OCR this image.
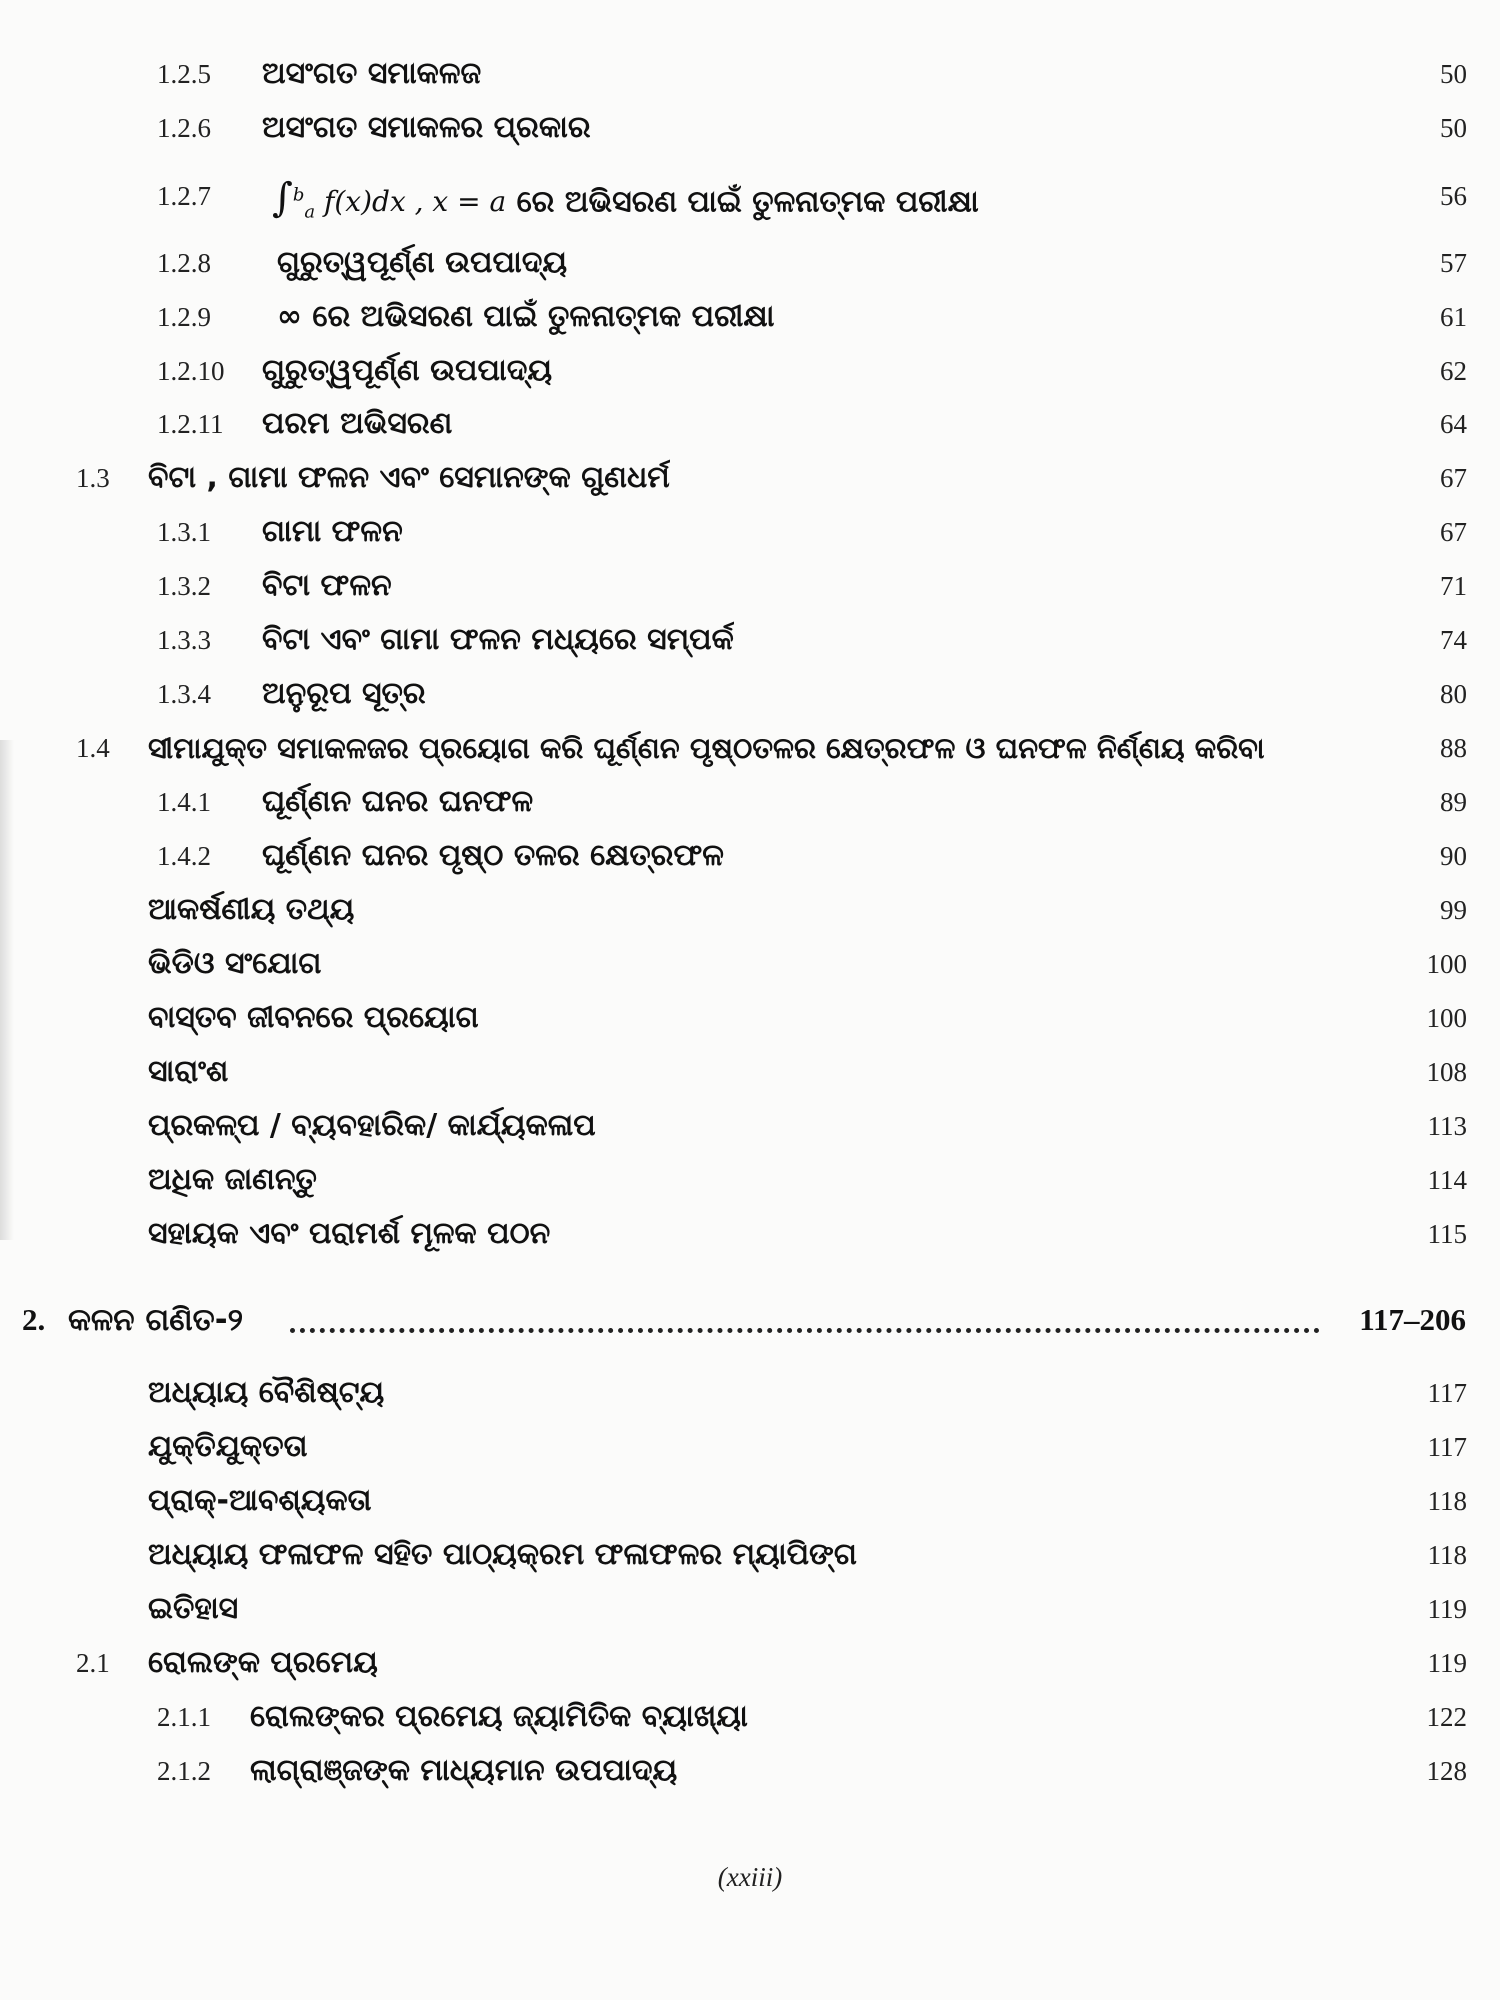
1.2.5 ଅସଂଗତ ସମାକଳଜ	50
1.2.6 ଅସଂଗତ ସମାକଳର ପ୍ରକାର	50
1.2.7 ∫$^b_a$ f(x)dx , x = a ରେ ଅଭିସରଣ ପାଇଁ ତୁଳନାତ୍ମକ ପରୀକ୍ଷା	56
1.2.8 ଗୁରୁତ୍ୱପୂର୍ଣ୍ଣ ଉପପାଦ୍ୟ	57
1.2.9 ∞ ରେ ଅଭିସରଣ ପାଇଁ ତୁଳନାତ୍ମକ ପରୀକ୍ଷା	61
1.2.10 ଗୁରୁତ୍ୱପୂର୍ଣ୍ଣ ଉପପାଦ୍ୟ	62
1.2.11 ପରମ ଅଭିସରଣ	64
1.3 ବିଟା , ଗାମା ଫଳନ ଏବଂ ସେମାନଙ୍କ ଗୁଣଧର୍ମ	67
1.3.1 ଗାମା ଫଳନ	67
1.3.2 ବିଟା ଫଳନ	71
1.3.3 ବିଟା ଏବଂ ଗାମା ଫଳନ ମଧ୍ୟରେ ସମ୍ପର୍କ	74
1.3.4 ଅନୁରୂପ ସୂତ୍ର	80
1.4 ସୀମାଯୁକ୍ତ ସମାକଳଜର ପ୍ରୟୋଗ କରି ଘୂର୍ଣ୍ଣନ ପୃଷ୍ଠତଳର କ୍ଷେତ୍ରଫଳ ଓ ଘନଫଳ ନିର୍ଣ୍ଣୟ କରିବା	88
1.4.1 ଘୂର୍ଣ୍ଣନ ଘନର ଘନଫଳ	89
1.4.2 ଘୂର୍ଣ୍ଣନ ଘନର ପୃଷ୍ଠ ତଳର କ୍ଷେତ୍ରଫଳ	90
ଆକର୍ଷଣୀୟ ତଥ୍ୟ	99
ଭିଡିଓ ସଂଯୋଗ	100
ବାସ୍ତବ ଜୀବନରେ ପ୍ରୟୋଗ	100
ସାରାଂଶ	108
ପ୍ରକଳ୍ପ / ବ୍ୟବହାରିକ/ କାର୍ଯ୍ୟକଳାପ	113
ଅଧିକ ଜାଣନ୍ତୁ	114
ସହାୟକ ଏବଂ ପରାମର୍ଶ ମୂଳକ ପଠନ	115
2. କଳନ ଗଣିତ-୨	117–206
ଅଧ୍ୟାୟ ବୈଶିଷ୍ଟ୍ୟ	117
ଯୁକ୍ତିଯୁକ୍ତତା	117
ପ୍ରାକ୍-ଆବଶ୍ୟକତା	118
ଅଧ୍ୟାୟ ଫଳାଫଳ ସହିତ ପାଠ୍ୟକ୍ରମ ଫଳାଫଳର ମ୍ୟାପିଙ୍ଗ	118
ଇତିହାସ	119
2.1 ରୋଲଙ୍କ ପ୍ରମେୟ	119
2.1.1 ରୋଲଙ୍କର ପ୍ରମେୟ ଜ୍ୟାମିତିକ ବ୍ୟାଖ୍ୟା	122
2.1.2 ଲାଗ୍ରାଞ୍ଜଙ୍କ ମାଧ୍ୟମାନ ଉପପାଦ୍ୟ	128
(xxiii)
